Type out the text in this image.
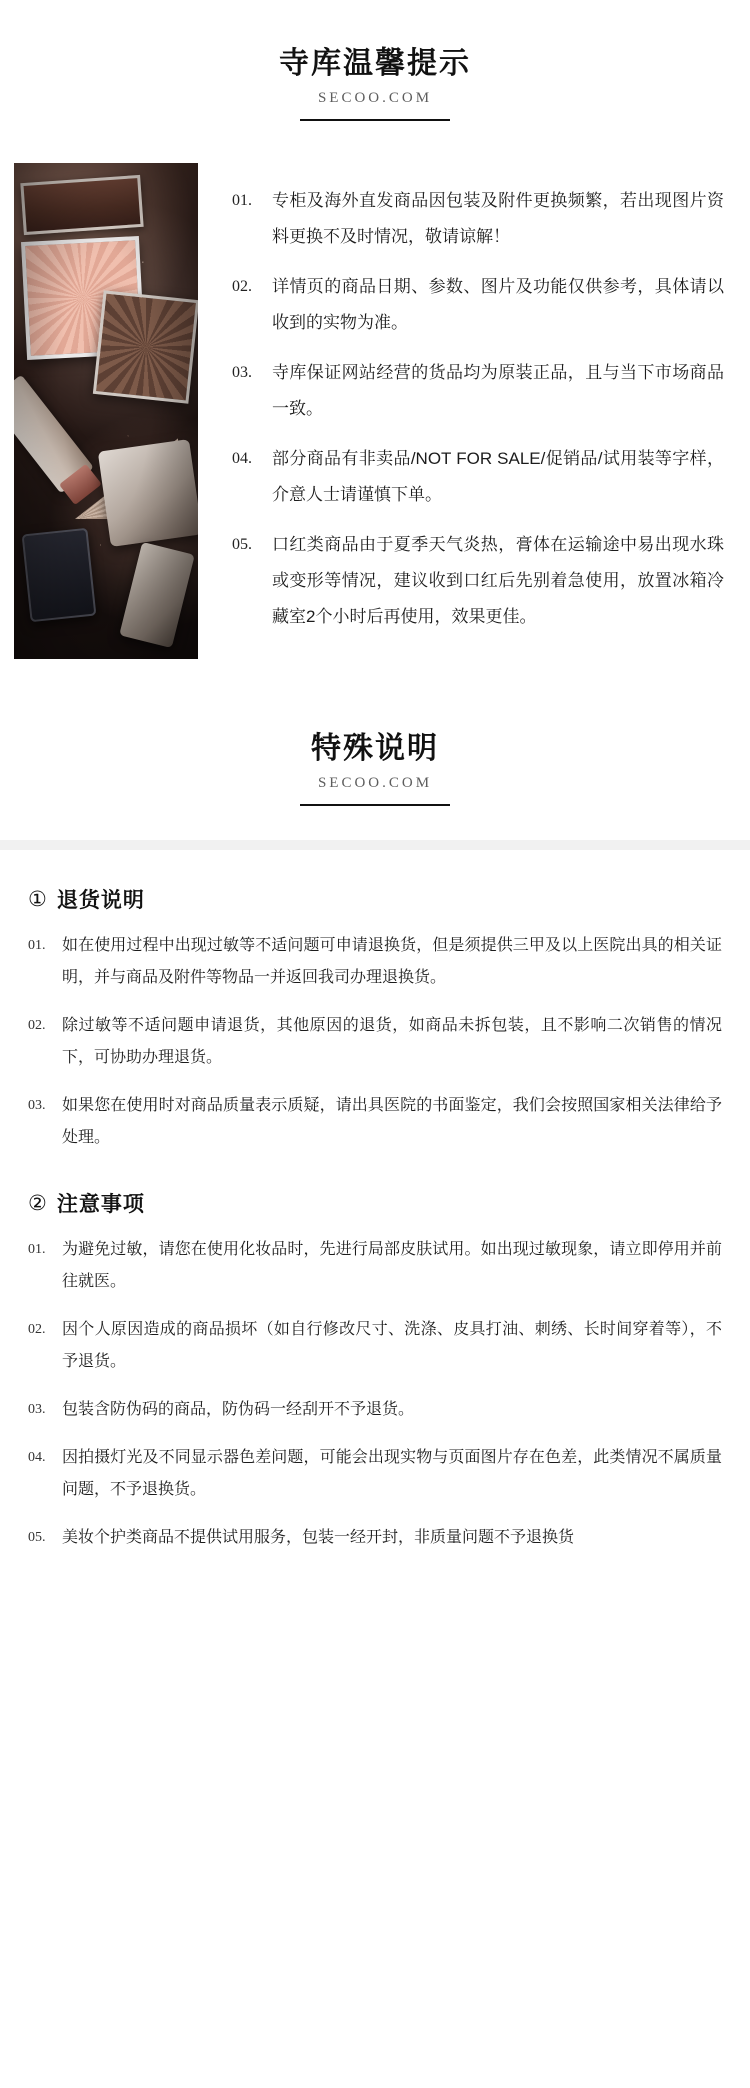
寺库温馨提示
SECOO.COM
01.	专柜及海外直发商品因包装及附件更换频繁，若出现图片资料更换不及时情况，敬请谅解！
02.	详情页的商品日期、参数、图片及功能仅供参考，具体请以收到的实物为准。
03.	寺库保证网站经营的货品均为原装正品，且与当下市场商品一致。
04.	部分商品有非卖品/NOT FOR SALE/促销品/试用装等字样，介意人士请谨慎下单。
05.	口红类商品由于夏季天气炎热，膏体在运输途中易出现水珠或变形等情况，建议收到口红后先别着急使用，放置冰箱冷藏室2个小时后再使用，效果更佳。
特殊说明
SECOO.COM
① 退货说明
01.	如在使用过程中出现过敏等不适问题可申请退换货，但是须提供三甲及以上医院出具的相关证明，并与商品及附件等物品一并返回我司办理退换货。
02.	除过敏等不适问题申请退货，其他原因的退货，如商品未拆包装，且不影响二次销售的情况下，可协助办理退货。
03.	如果您在使用时对商品质量表示质疑，请出具医院的书面鉴定，我们会按照国家相关法律给予处理。
② 注意事项
01.	为避免过敏，请您在使用化妆品时，先进行局部皮肤试用。如出现过敏现象，请立即停用并前往就医。
02.	因个人原因造成的商品损坏（如自行修改尺寸、洗涤、皮具打油、刺绣、长时间穿着等），不予退货。
03.	包装含防伪码的商品，防伪码一经刮开不予退货。
04.	因拍摄灯光及不同显示器色差问题，可能会出现实物与页面图片存在色差，此类情况不属质量问题，不予退换货。
05.	美妆个护类商品不提供试用服务，包装一经开封，非质量问题不予退换货
